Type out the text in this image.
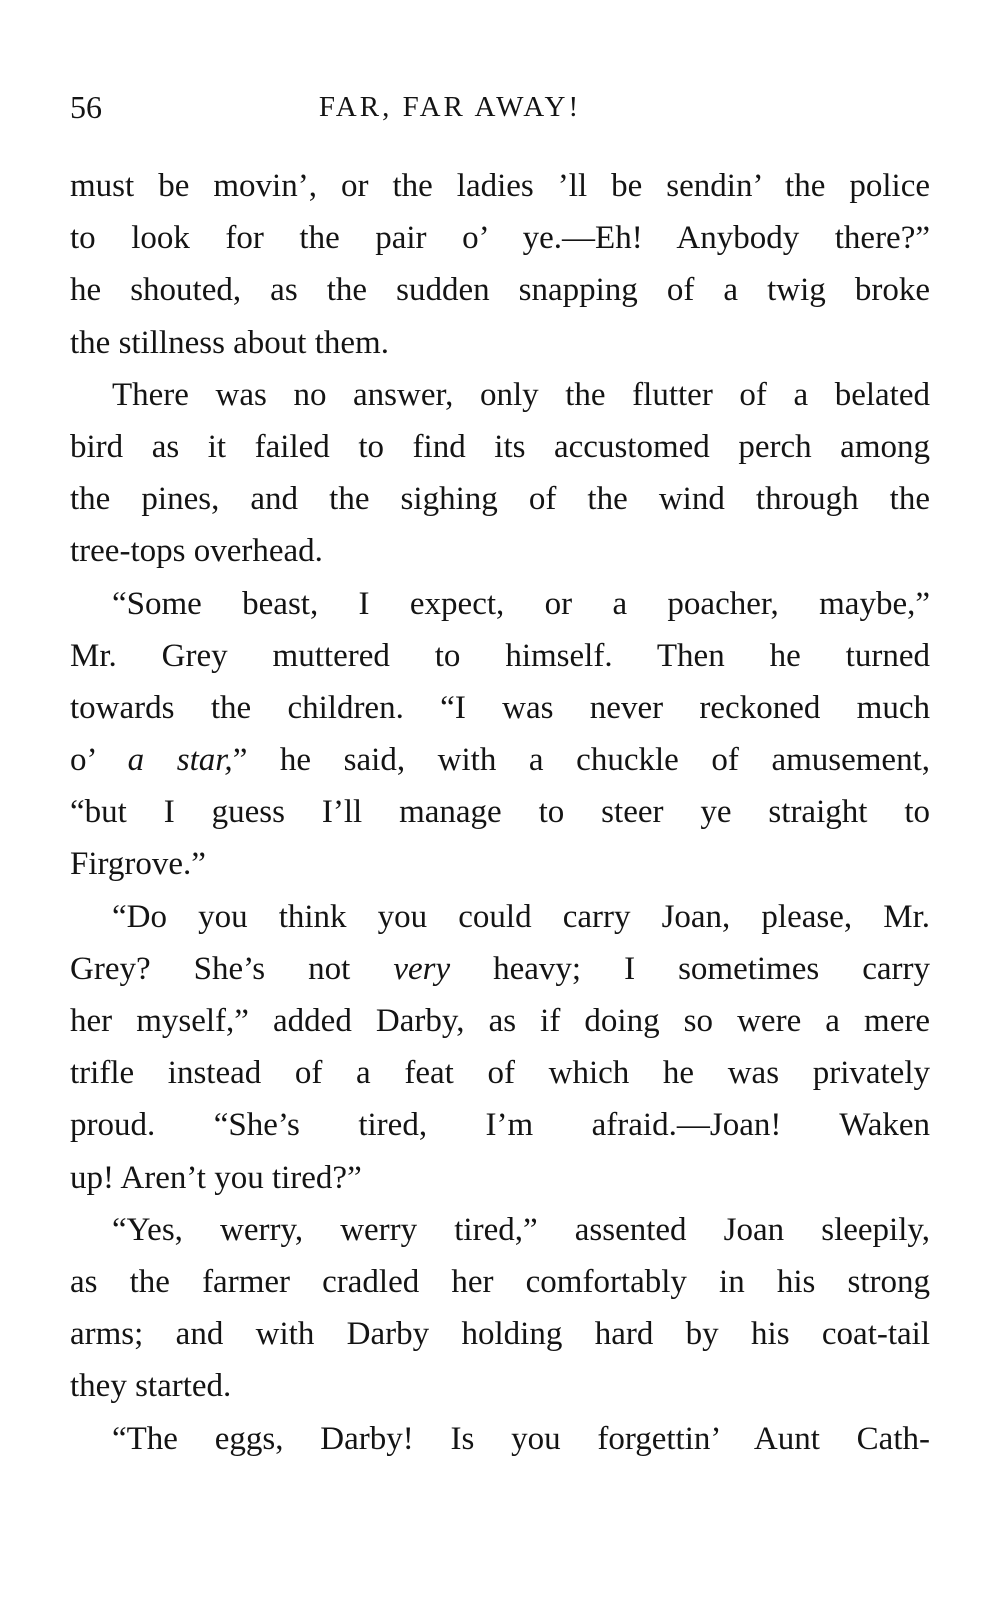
56	FAR, FAR AWAY!

must be movin’, or the ladies ’ll be sendin’ the police
to look for the pair o’ ye.—Eh! Anybody there?”
he shouted, as the sudden snapping of a twig broke
the stillness about them.

There was no answer, only the flutter of a belated
bird as it failed to find its accustomed perch among
the pines, and the sighing of the wind through the
tree-tops overhead.

“Some beast, I expect, or a poacher, maybe,”
Mr. Grey muttered to himself. Then he turned
towards the children. “I was never reckoned much
o’ a star,” he said, with a chuckle of amusement,
“but I guess I’ll manage to steer ye straight to
Firgrove.”

“Do you think you could carry Joan, please, Mr.
Grey? She’s not very heavy; I sometimes carry
her myself,” added Darby, as if doing so were a mere
trifle instead of a feat of which he was privately
proud. “She’s tired, I’m afraid.—Joan! Waken
up! Aren’t you tired?”

“Yes, werry, werry tired,” assented Joan sleepily,
as the farmer cradled her comfortably in his strong
arms; and with Darby holding hard by his coat-tail
they started.

“The eggs, Darby! Is you forgettin’ Aunt Cath-
